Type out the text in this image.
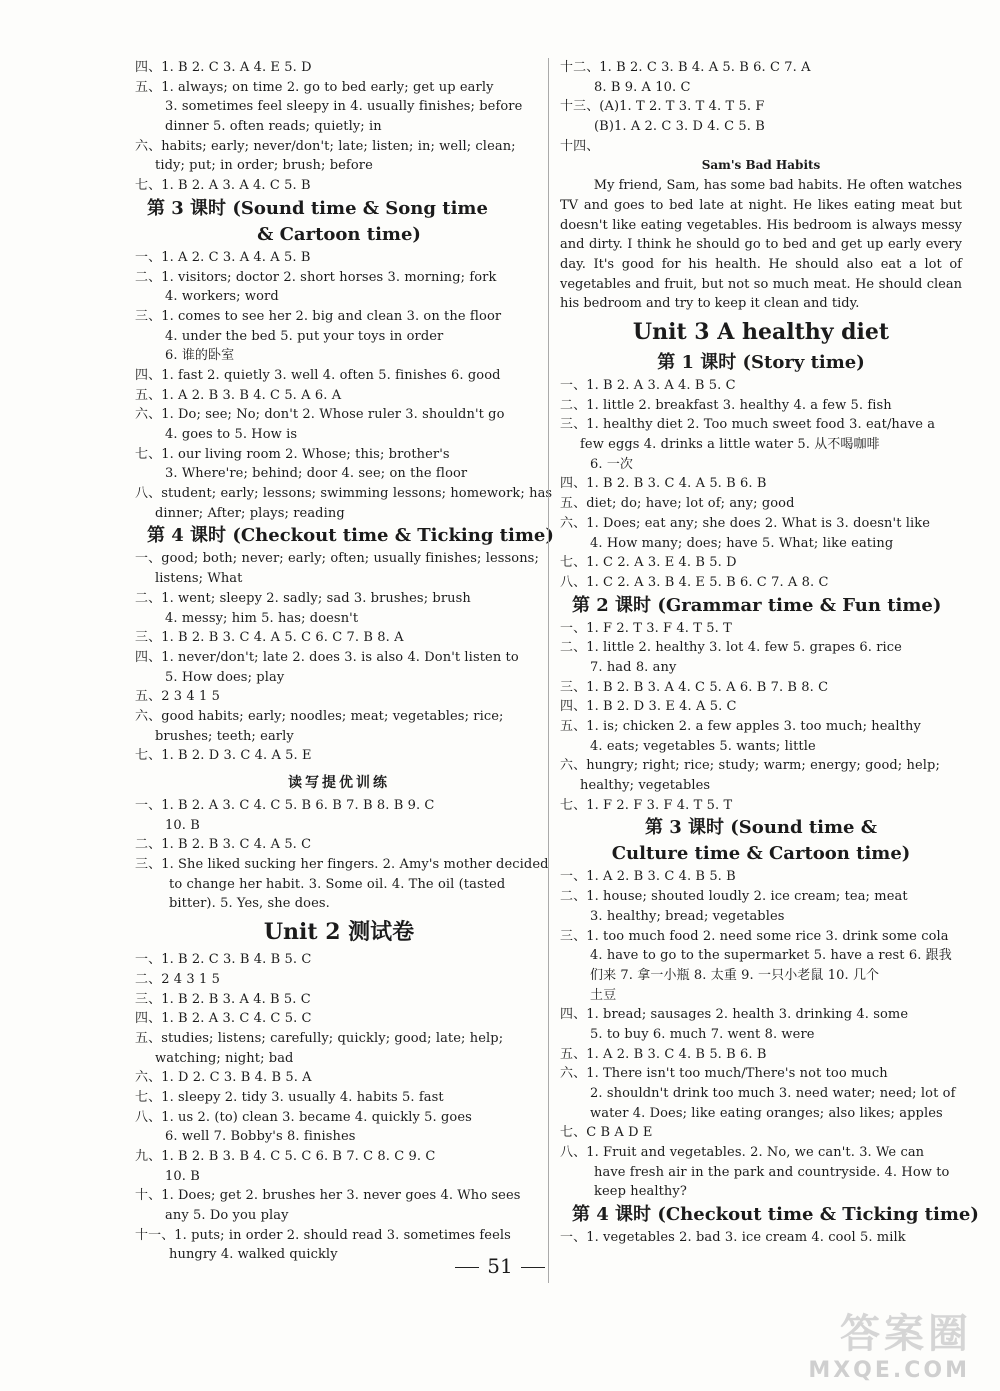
四、1. B 2. C 3. A 4. E 5. D
五、1. always; on time 2. go to bed early; get up early
3. sometimes feel sleepy in 4. usually finishes; before
dinner 5. often reads; quietly; in
六、habits; early; never/don't; late; listen; in; well; clean;
tidy; put; in order; brush; before
七、1. B 2. A 3. A 4. C 5. B
第 3 课时 (Sound time & Song time
& Cartoon time)
一、1. A 2. C 3. A 4. A 5. B
二、1. visitors; doctor 2. short horses 3. morning; fork
4. workers; word
三、1. comes to see her 2. big and clean 3. on the floor
4. under the bed 5. put your toys in order
6. 谁的卧室
四、1. fast 2. quietly 3. well 4. often 5. finishes 6. good
五、1. A 2. B 3. B 4. C 5. A 6. A
六、1. Do; see; No; don't 2. Whose ruler 3. shouldn't go
4. goes to 5. How is
七、1. our living room 2. Whose; this; brother's
3. Where're; behind; door 4. see; on the floor
八、student; early; lessons; swimming lessons; homework; has
dinner; After; plays; reading
第 4 课时 (Checkout time & Ticking time)
一、good; both; never; early; often; usually finishes; lessons;
listens; What
二、1. went; sleepy 2. sadly; sad 3. brushes; brush
4. messy; him 5. has; doesn't
三、1. B 2. B 3. C 4. A 5. C 6. C 7. B 8. A
四、1. never/don't; late 2. does 3. is also 4. Don't listen to
5. How does; play
五、2 3 4 1 5
六、good habits; early; noodles; meat; vegetables; rice;
brushes; teeth; early
七、1. B 2. D 3. C 4. A 5. E
读写提优训练
一、1. B 2. A 3. C 4. C 5. B 6. B 7. B 8. B 9. C
10. B
二、1. B 2. B 3. C 4. A 5. C
三、1. She liked sucking her fingers. 2. Amy's mother decided
to change her habit. 3. Some oil. 4. The oil (tasted
bitter). 5. Yes, she does.
Unit 2 测试卷
一、1. B 2. C 3. B 4. B 5. C
二、2 4 3 1 5
三、1. B 2. B 3. A 4. B 5. C
四、1. B 2. A 3. C 4. C 5. C
五、studies; listens; carefully; quickly; good; late; help;
watching; night; bad
六、1. D 2. C 3. B 4. B 5. A
七、1. sleepy 2. tidy 3. usually 4. habits 5. fast
八、1. us 2. (to) clean 3. became 4. quickly 5. goes
6. well 7. Bobby's 8. finishes
九、1. B 2. B 3. B 4. C 5. C 6. B 7. C 8. C 9. C
10. B
十、1. Does; get 2. brushes her 3. never goes 4. Who sees
any 5. Do you play
十一、1. puts; in order 2. should read 3. sometimes feels
hungry 4. walked quickly
十二、1. B 2. C 3. B 4. A 5. B 6. C 7. A
8. B 9. A 10. C
十三、(A)1. T 2. T 3. T 4. T 5. F
(B)1. A 2. C 3. D 4. C 5. B
十四、
Sam's Bad Habits
My friend, Sam, has some bad habits. He often watches TV and goes to bed late at night. He likes eating meat but doesn't like eating vegetables. His bedroom is always messy and dirty. I think he should go to bed and get up early every day. It's good for his health. He should also eat a lot of vegetables and fruit, but not so much meat. He should clean his bedroom and try to keep it clean and tidy.
Unit 3 A healthy diet
第 1 课时 (Story time)
一、1. B 2. A 3. A 4. B 5. C
二、1. little 2. breakfast 3. healthy 4. a few 5. fish
三、1. healthy diet 2. Too much sweet food 3. eat/have a
few eggs 4. drinks a little water 5. 从不喝咖啡
6. 一次
四、1. B 2. B 3. C 4. A 5. B 6. B
五、diet; do; have; lot of; any; good
六、1. Does; eat any; she does 2. What is 3. doesn't like
4. How many; does; have 5. What; like eating
七、1. C 2. A 3. E 4. B 5. D
八、1. C 2. A 3. B 4. E 5. B 6. C 7. A 8. C
第 2 课时 (Grammar time & Fun time)
一、1. F 2. T 3. F 4. T 5. T
二、1. little 2. healthy 3. lot 4. few 5. grapes 6. rice
7. had 8. any
三、1. B 2. B 3. A 4. C 5. A 6. B 7. B 8. C
四、1. B 2. D 3. E 4. A 5. C
五、1. is; chicken 2. a few apples 3. too much; healthy
4. eats; vegetables 5. wants; little
六、hungry; right; rice; study; warm; energy; good; help;
healthy; vegetables
七、1. F 2. F 3. F 4. T 5. T
第 3 课时 (Sound time &
Culture time & Cartoon time)
一、1. A 2. B 3. C 4. B 5. B
二、1. house; shouted loudly 2. ice cream; tea; meat
3. healthy; bread; vegetables
三、1. too much food 2. need some rice 3. drink some cola
4. have to go to the supermarket 5. have a rest 6. 跟我
们来 7. 拿一小瓶 8. 太重 9. 一只小老鼠 10. 几个
土豆
四、1. bread; sausages 2. health 3. drinking 4. some
5. to buy 6. much 7. went 8. were
五、1. A 2. B 3. C 4. B 5. B 6. B
六、1. There isn't too much/There's not too much
2. shouldn't drink too much 3. need water; need; lot of
water 4. Does; like eating oranges; also likes; apples
七、C B A D E
八、1. Fruit and vegetables. 2. No, we can't. 3. We can
have fresh air in the park and countryside. 4. How to
keep healthy?
第 4 课时 (Checkout time & Ticking time)
一、1. vegetables 2. bad 3. ice cream 4. cool 5. milk
51
答案圈
MXQE.COM
